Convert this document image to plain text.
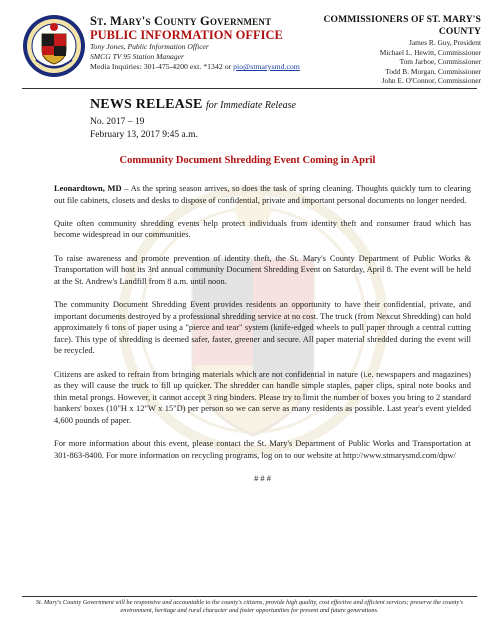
St. Mary's County Government
PUBLIC INFORMATION OFFICE
Tony Jones, Public Information Officer
SMCG TV 95 Station Manager
Media Inquiries: 301-475-4200 ext. *1342 or pio@stmarysmd.com
COMMISSIONERS OF ST. MARY'S COUNTY
James R. Guy, President
Michael L. Hewitt, Commissioner
Tom Jarboe, Commissioner
Todd B. Morgan, Commissioner
John E. O'Connor, Commissioner
NEWS RELEASE for Immediate Release
No. 2017 – 19
February 13, 2017 9:45 a.m.
Community Document Shredding Event Coming in April

Leonardtown, MD – As the spring season arrives, so does the task of spring cleaning. Thoughts quickly turn to clearing out file cabinets, closets and desks to dispose of confidential, private and important personal documents no longer needed.

Quite often community shredding events help protect individuals from identity theft and consumer fraud which has become widespread in our communities.

To raise awareness and promote prevention of identity theft, the St. Mary's County Department of Public Works & Transportation will host its 3rd annual community Document Shredding Event on Saturday, April 8. The event will be held at the St. Andrew's Landfill from 8 a.m. until noon.

The community Document Shredding Event provides residents an opportunity to have their confidential, private, and important documents destroyed by a professional shredding service at no cost. The truck (from Nexcut Shredding) can hold approximately 6 tons of paper using a "pierce and tear" system (knife-edged wheels to pull paper through a central cutting face). This type of shredding is deemed safer, faster, greener and secure. All paper material shredded during the event will be recycled.

Citizens are asked to refrain from bringing materials which are not confidential in nature (i.e. newspapers and magazines) as they will cause the truck to fill up quicker. The shredder can handle simple staples, paper clips, spiral note books and thin metal prongs. However, it cannot accept 3 ring binders. Please try to limit the number of boxes you bring to 2 standard bankers' boxes (10"H x 12"W x 15"D) per person so we can serve as many residents as possible. Last year's event yielded 4,600 pounds of paper.

For more information about this event, please contact the St. Mary's Department of Public Works and Transportation at 301-863-8400. For more information on recycling programs, log on to our website at http://www.stmarysmd.com/dpw/

# # #

St. Mary's County Government will be responsive and accountable to the county's citizens, provide high quality, cost effective and efficient services; preserve the county's environment, heritage and rural character and foster opportunities for present and future generations.
